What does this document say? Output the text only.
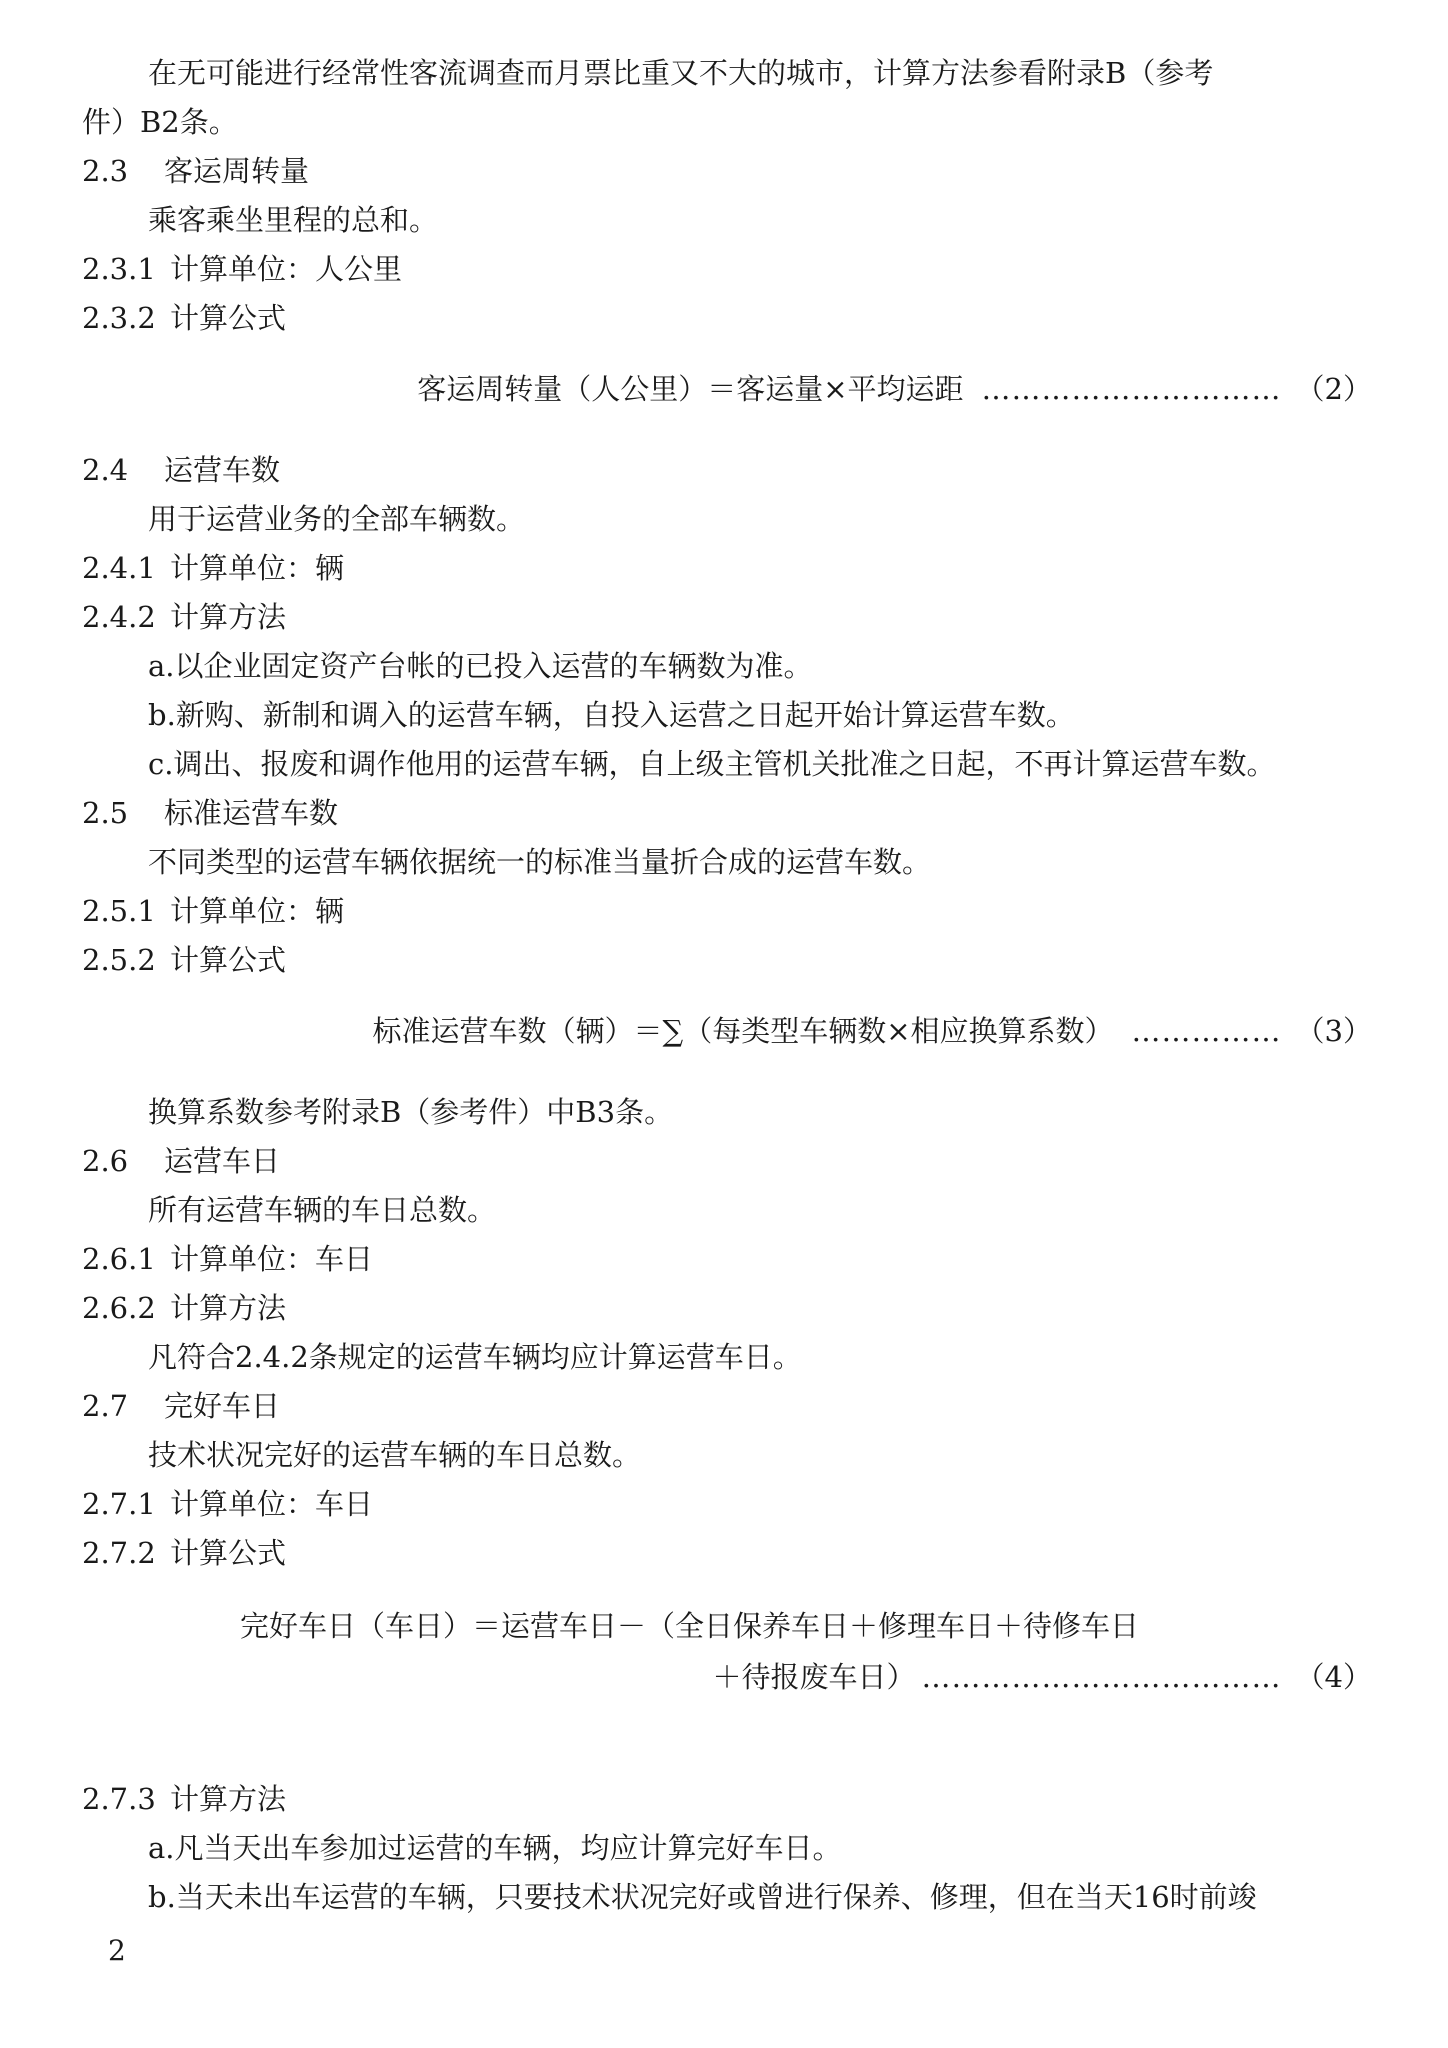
在无可能进行经常性客流调查而月票比重又不大的城市，计算方法参看附录B（参考
件）B2条。
2.3 客运周转量
乘客乘坐里程的总和。
2.3.1 计算单位：人公里
2.3.2 计算公式
客运周转量（人公里）＝客运量×平均运距 ………………………… （2）
2.4 运营车数
用于运营业务的全部车辆数。
2.4.1 计算单位：辆
2.4.2 计算方法
a.以企业固定资产台帐的已投入运营的车辆数为准。
b.新购、新制和调入的运营车辆，自投入运营之日起开始计算运营车数。
c.调出、报废和调作他用的运营车辆，自上级主管机关批准之日起，不再计算运营车数。
2.5 标准运营车数
不同类型的运营车辆依据统一的标准当量折合成的运营车数。
2.5.1 计算单位：辆
2.5.2 计算公式
标准运营车数（辆）＝∑（每类型车辆数×相应换算系数） …………… （3）
换算系数参考附录B（参考件）中B3条。
2.6 运营车日
所有运营车辆的车日总数。
2.6.1 计算单位：车日
2.6.2 计算方法
凡符合2.4.2条规定的运营车辆均应计算运营车日。
2.7 完好车日
技术状况完好的运营车辆的车日总数。
2.7.1 计算单位：车日
2.7.2 计算公式
完好车日（车日）＝运营车日－（全日保养车日＋修理车日＋待修车日
＋待报废车日） ……………………………… （4）
2.7.3 计算方法
a.凡当天出车参加过运营的车辆，均应计算完好车日。
b.当天未出车运营的车辆，只要技术状况完好或曾进行保养、修理，但在当天16时前竣
2
